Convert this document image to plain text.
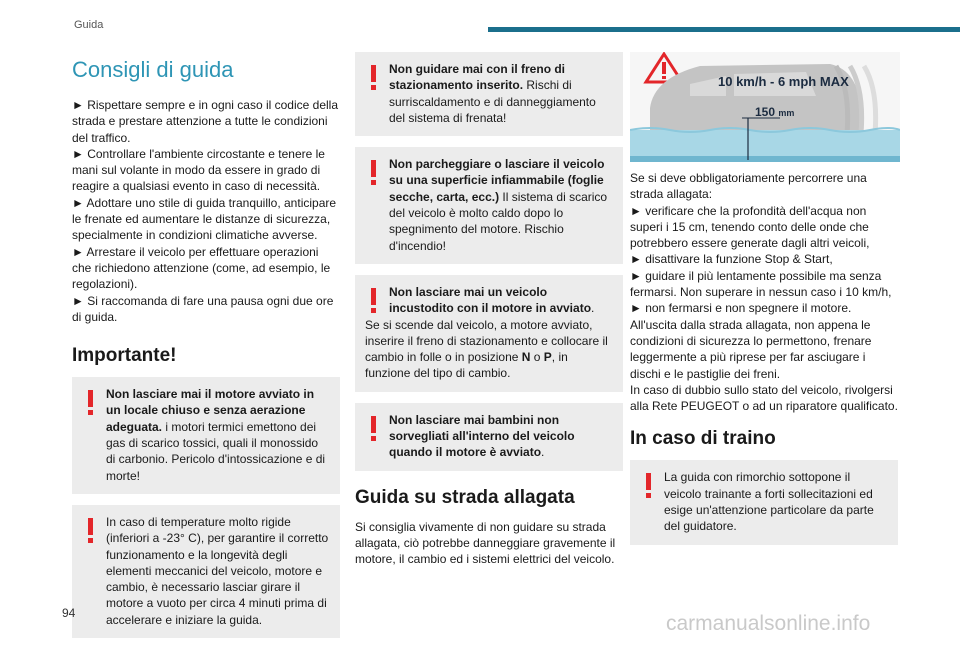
Guida
Consigli di guida

► Rispettare sempre e in ogni caso il codice della strada e prestare attenzione a tutte le condizioni del traffico.

► Controllare l'ambiente circostante e tenere le mani sul volante in modo da essere in grado di reagire a qualsiasi evento in caso di necessità.

► Adottare uno stile di guida tranquillo, anticipare le frenate ed aumentare le distanze di sicurezza, specialmente in condizioni climatiche avverse.

► Arrestare il veicolo per effettuare operazioni che richiedono attenzione (come, ad esempio, le regolazioni).

► Si raccomanda di fare una pausa ogni due ore di guida.

Importante!
Non lasciare mai il motore avviato in un locale chiuso e senza aerazione adeguata. i motori termici emettono dei gas di scarico tossici, quali il monossido di carbonio. Pericolo d'intossicazione e di morte!
In caso di temperature molto rigide (inferiori a -23° C), per garantire il corretto funzionamento e la longevità degli elementi meccanici del veicolo, motore e cambio, è necessario lasciar girare il motore a vuoto per circa 4 minuti prima di accelerare e iniziare la guida.
Non guidare mai con il freno di stazionamento inserito. Rischi di surriscaldamento e di danneggiamento del sistema di frenata!
Non parcheggiare o lasciare il veicolo su una superficie infiammabile (foglie secche, carta, ecc.) Il sistema di scarico del veicolo è molto caldo dopo lo spegnimento del motore. Rischio d'incendio!
Non lasciare mai un veicolo incustodito con il motore in avviato.
Se si scende dal veicolo, a motore avviato, inserire il freno di stazionamento e collocare il cambio in folle o in posizione N o P, in funzione del tipo di cambio.
Non lasciare mai bambini non sorvegliati all'interno del veicolo quando il motore è avviato.
Guida su strada allagata

Si consiglia vivamente di non guidare su strada allagata, ciò potrebbe danneggiare gravemente il motore, il cambio ed i sistemi elettrici del veicolo.

10 km/h - 6 mph MAX
150 mm

Se si deve obbligatoriamente percorrere una strada allagata:

► verificare che la profondità dell'acqua non superi i 15 cm, tenendo conto delle onde che potrebbero essere generate dagli altri veicoli,

► disattivare la funzione Stop & Start,

► guidare il più lentamente possibile ma senza fermarsi. Non superare in nessun caso i 10 km/h,

► non fermarsi e non spegnere il motore.

All'uscita dalla strada allagata, non appena le condizioni di sicurezza lo permettono, frenare leggermente a più riprese per far asciugare i dischi e le pastiglie dei freni.

In caso di dubbio sullo stato del veicolo, rivolgersi alla Rete PEUGEOT o ad un riparatore qualificato.

In caso di traino
La guida con rimorchio sottopone il veicolo trainante a forti sollecitazioni ed esige un'attenzione particolare da parte del guidatore.
94	carmanualsonline.info
